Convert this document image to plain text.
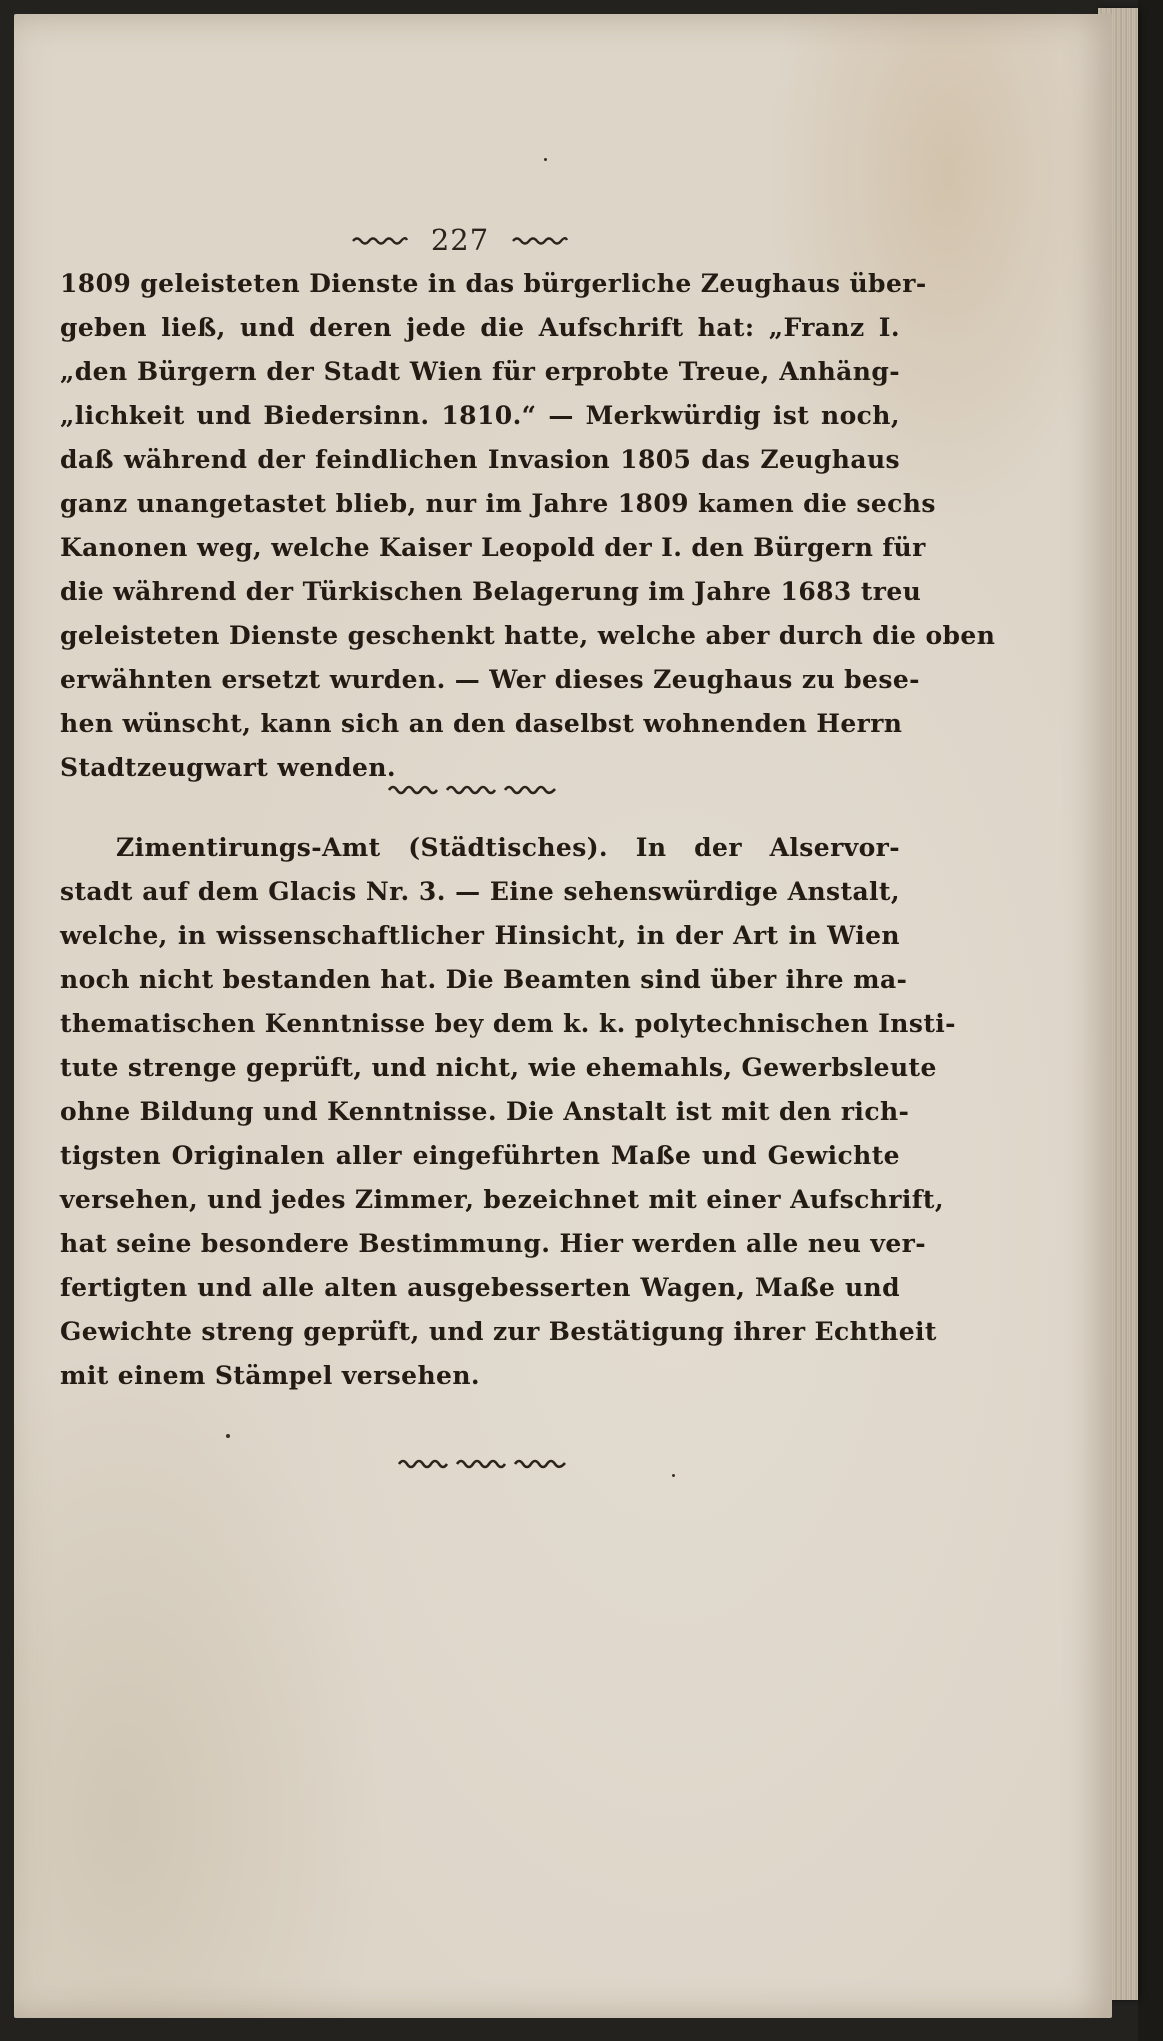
227
1809 geleisteten Dienste in das bürgerliche Zeughaus über-
geben ließ, und deren jede die Aufschrift hat: „Franz I.
„den Bürgern der Stadt Wien für erprobte Treue, Anhäng-
„lichkeit und Biedersinn. 1810.“ — Merkwürdig ist noch,
daß während der feindlichen Invasion 1805 das Zeughaus
ganz unangetastet blieb, nur im Jahre 1809 kamen die sechs
Kanonen weg, welche Kaiser Leopold der I. den Bürgern für
die während der Türkischen Belagerung im Jahre 1683 treu
geleisteten Dienste geschenkt hatte, welche aber durch die oben
erwähnten ersetzt wurden. — Wer dieses Zeughaus zu bese-
hen wünscht, kann sich an den daselbst wohnenden Herrn
Stadtzeugwart wenden.
Zimentirungs-Amt (Städtisches). In der Alservor-
stadt auf dem Glacis Nr. 3. — Eine sehenswürdige Anstalt,
welche, in wissenschaftlicher Hinsicht, in der Art in Wien
noch nicht bestanden hat. Die Beamten sind über ihre ma-
thematischen Kenntnisse bey dem k. k. polytechnischen Insti-
tute strenge geprüft, und nicht, wie ehemahls, Gewerbsleute
ohne Bildung und Kenntnisse. Die Anstalt ist mit den rich-
tigsten Originalen aller eingeführten Maße und Gewichte
versehen, und jedes Zimmer, bezeichnet mit einer Aufschrift,
hat seine besondere Bestimmung. Hier werden alle neu ver-
fertigten und alle alten ausgebesserten Wagen, Maße und
Gewichte streng geprüft, und zur Bestätigung ihrer Echtheit
mit einem Stämpel versehen.
